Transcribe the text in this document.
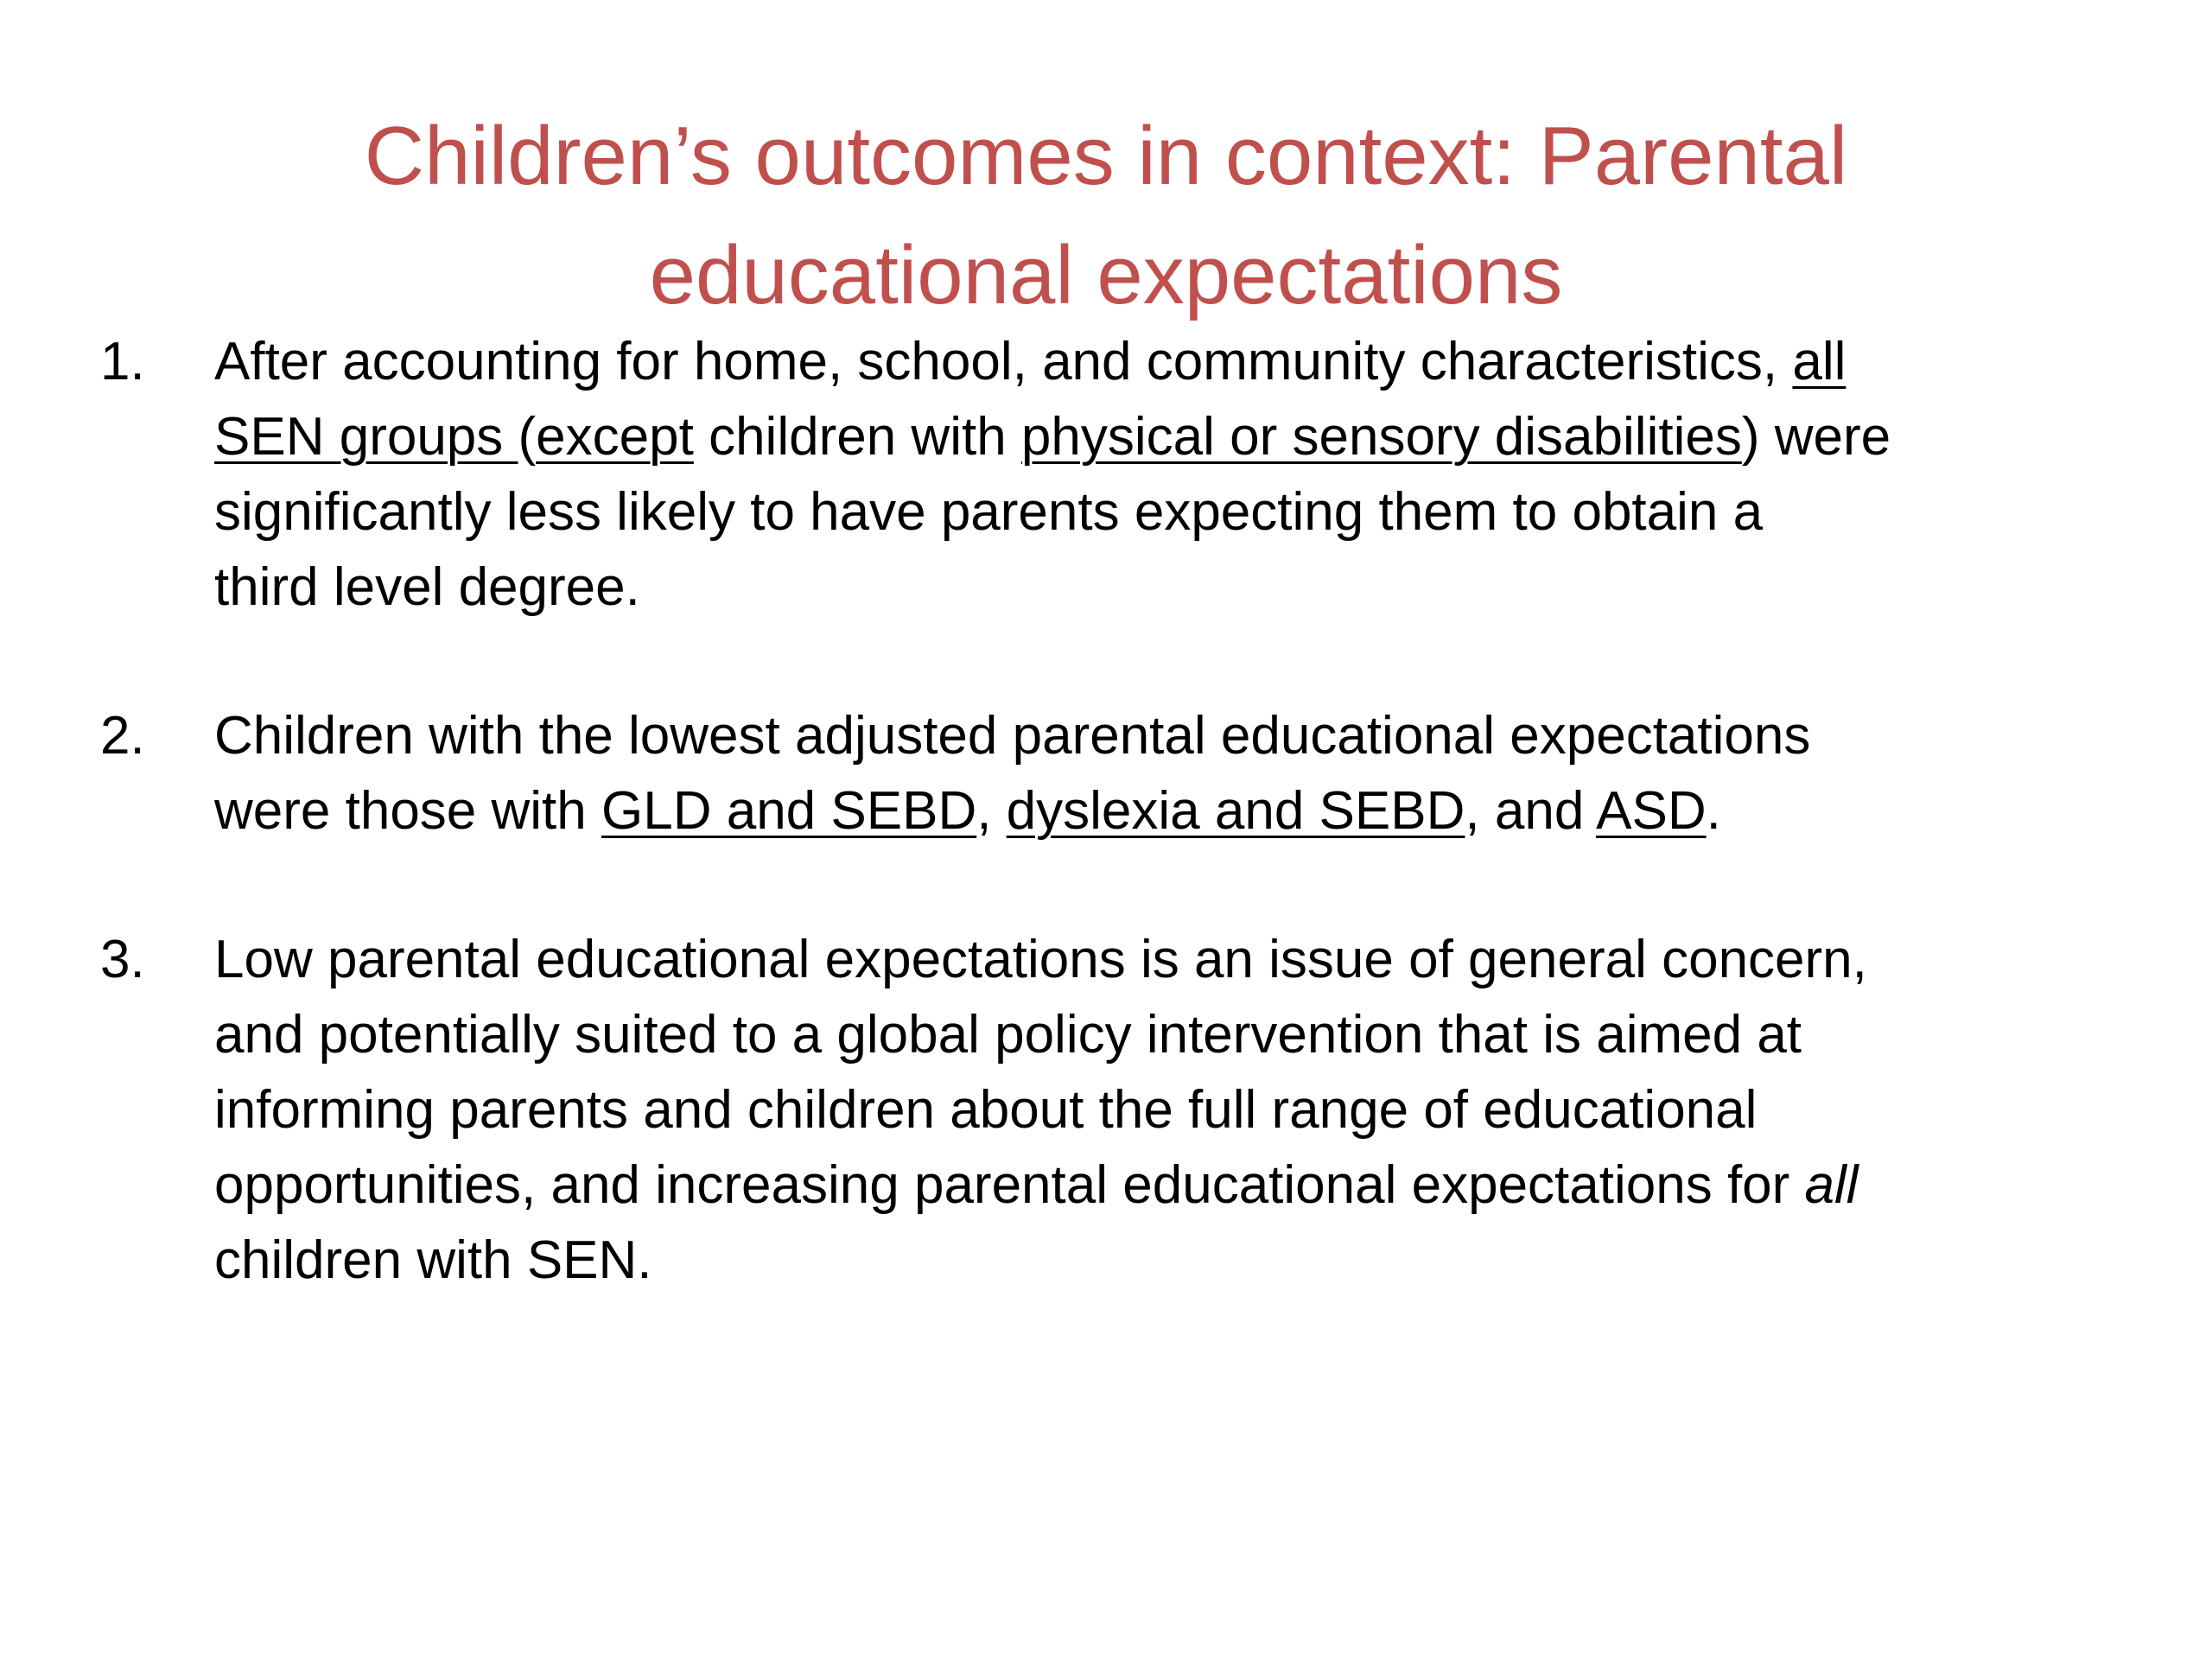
Children’s outcomes in context: Parental
educational expectations
1. After accounting for home, school, and community characteristics, all
SEN groups (except children with physical or sensory disabilities) were
significantly less likely to have parents expecting them to obtain a
third level degree.
2. Children with the lowest adjusted parental educational expectations
were those with GLD and SEBD, dyslexia and SEBD, and ASD.
3. Low parental educational expectations is an issue of general concern,
and potentially suited to a global policy intervention that is aimed at
informing parents and children about the full range of educational
opportunities, and increasing parental educational expectations for all
children with SEN.
